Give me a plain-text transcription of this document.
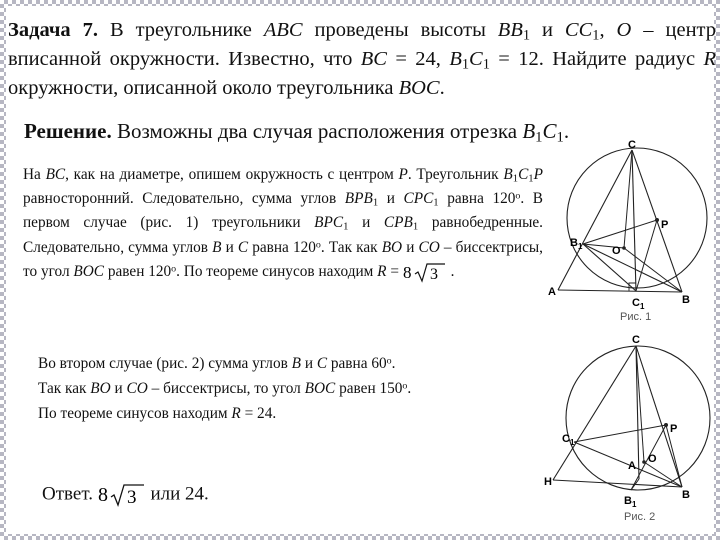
Задача 7. В треугольнике ABC проведены высоты $BB_1$ и $CC_1$, O – центр вписанной окружности. Известно, что BC = 24, $B_1C_1 = 12$. Найдите радиус R окружности, описанной около треугольника BOC.
Решение. Возможны два случая расположения отрезка $B_1C_1$.
На BC, как на диаметре, опишем окружность с центром P. Треугольник $B_1C_1P$ равносторонний. Следовательно, сумма углов $BPB_1$ и $CPC_1$ равна 120$^o$. В первом случае (рис. 1) треугольники $BPC_1$ и $CPB_1$ равнобедренные. Следовательно, сумма углов B и C равна 120$^o$. Так как BO и CO – биссектрисы, то угол BOC равен 120$^o$. По теореме синусов находим R = 8 3 .
Во втором случае (рис. 2) сумма углов B и C равна 60$^o$.
Так как BO и CO – биссектрисы, то угол BOC равен 150$^o$.
По теореме синусов находим R = 24.
Ответ. 8 3 или 24.
C
$B_1$	O
P
A
$C_1$
B
Рис. 1
C
$C_1$
P
A
O
H
$B_1$
B
Рис. 2
